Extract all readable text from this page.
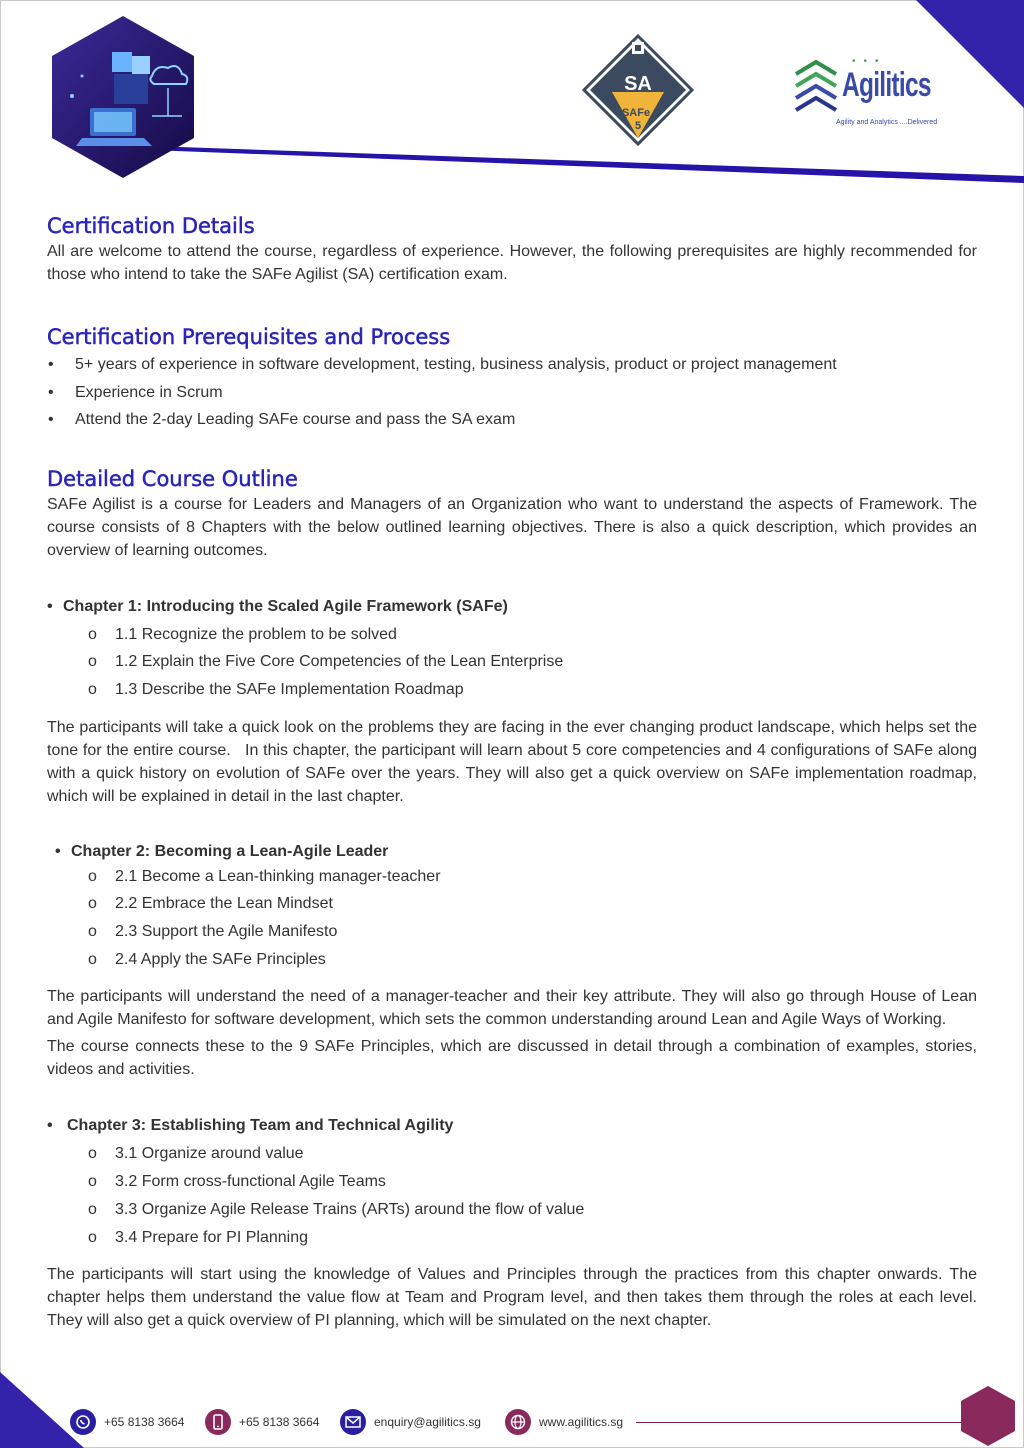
SA
SAFe
5
•••
Agilitics
Agility and Analytics ....Delivered
Certification Details

All are welcome to attend the course, regardless of experience. However, the following prerequisites are highly recommended for those who intend to take the SAFe Agilist (SA) certification exam.

Certification Prerequisites and Process
• 5+ years of experience in software development, testing, business analysis, product or project management
• Experience in Scrum
• Attend the 2-day Leading SAFe course and pass the SA exam
Detailed Course Outline

SAFe Agilist is a course for Leaders and Managers of an Organization who want to understand the aspects of Framework. The course consists of 8 Chapters with the below outlined learning objectives. There is also a quick description, which provides an overview of learning outcomes.

• Chapter 1: Introducing the Scaled Agile Framework (SAFe)
o 1.1 Recognize the problem to be solved
o 1.2 Explain the Five Core Competencies of the Lean Enterprise
o 1.3 Describe the SAFe Implementation Roadmap

The participants will take a quick look on the problems they are facing in the ever changing product landscape, which helps set the tone for the entire course.   In this chapter, the participant will learn about 5 core competencies and 4 configurations of SAFe along with a quick history on evolution of SAFe over the years. They will also get a quick overview on SAFe implementation roadmap, which will be explained in detail in the last chapter.

• Chapter 2: Becoming a Lean-Agile Leader
o 2.1 Become a Lean-thinking manager-teacher
o 2.2 Embrace the Lean Mindset
o 2.3 Support the Agile Manifesto
o 2.4 Apply the SAFe Principles

The participants will understand the need of a manager-teacher and their key attribute. They will also go through House of Lean and Agile Manifesto for software development, which sets the common understanding around Lean and Agile Ways of Working.

The course connects these to the 9 SAFe Principles, which are discussed in detail through a combination of examples, stories, videos and activities.

• Chapter 3: Establishing Team and Technical Agility
o 3.1 Organize around value
o 3.2 Form cross-functional Agile Teams
o 3.3 Organize Agile Release Trains (ARTs) around the flow of value
o 3.4 Prepare for PI Planning

The participants will start using the knowledge of Values and Principles through the practices from this chapter onwards. The chapter helps them understand the value flow at Team and Program level, and then takes them through the roles at each level. They will also get a quick overview of PI planning, which will be simulated on the next chapter.

+65 8138 3664	+65 8138 3664	enquiry@agilitics.sg	www.agilitics.sg
